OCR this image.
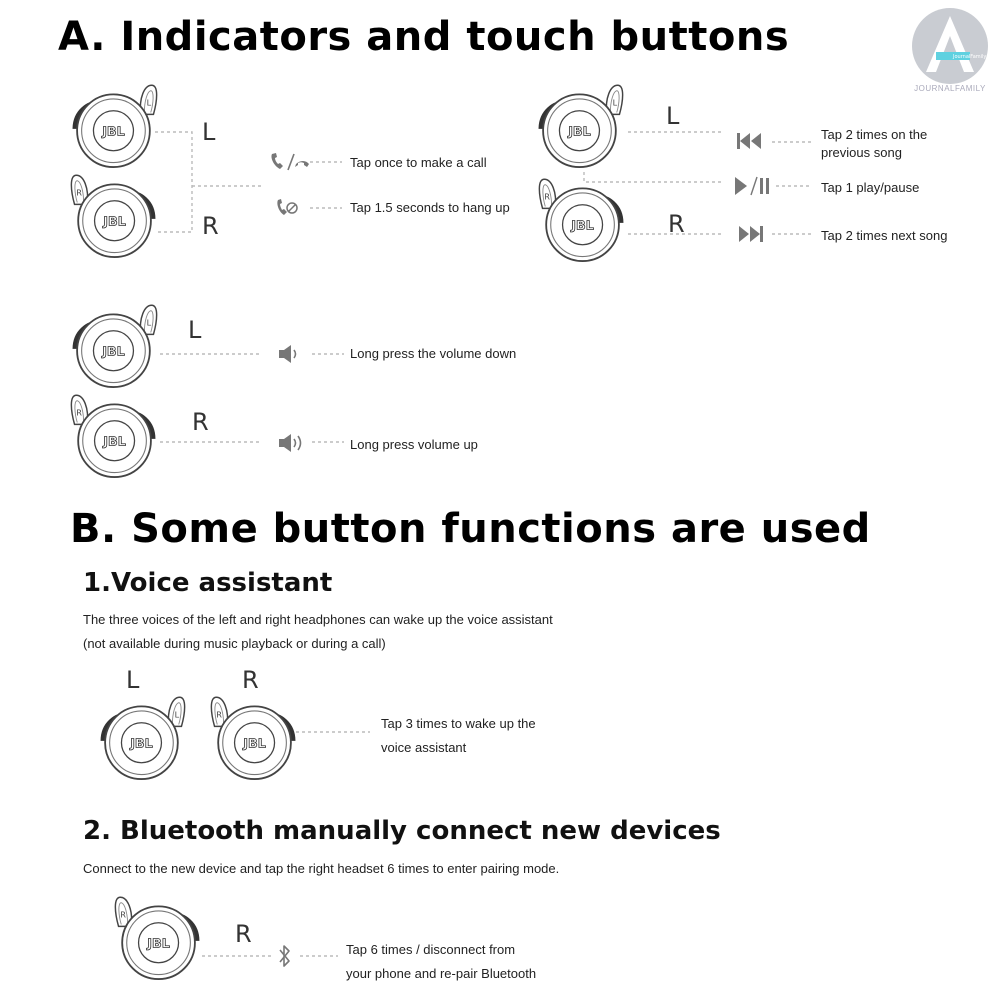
JournalFamily
JOURNALFAMILY
A. Indicators and touch buttons
L
R
Tap once to make a call
Tap 1.5 seconds to hang up
L
R
Tap 2 times on the
previous song
Tap 1 play/pause
Tap 2 times next song
L
R
Long press the volume down
Long press volume up
B. Some button functions are used
1.Voice assistant
The three voices of the left and right headphones can wake up the voice assistant
(not available during music playback or during a call)
L	R
Tap 3 times to wake up the
voice assistant
2. Bluetooth manually connect new devices
Connect to the new device and tap the right headset 6 times to enter pairing mode.
R
Tap 6 times / disconnect from
your phone and re-pair Bluetooth
